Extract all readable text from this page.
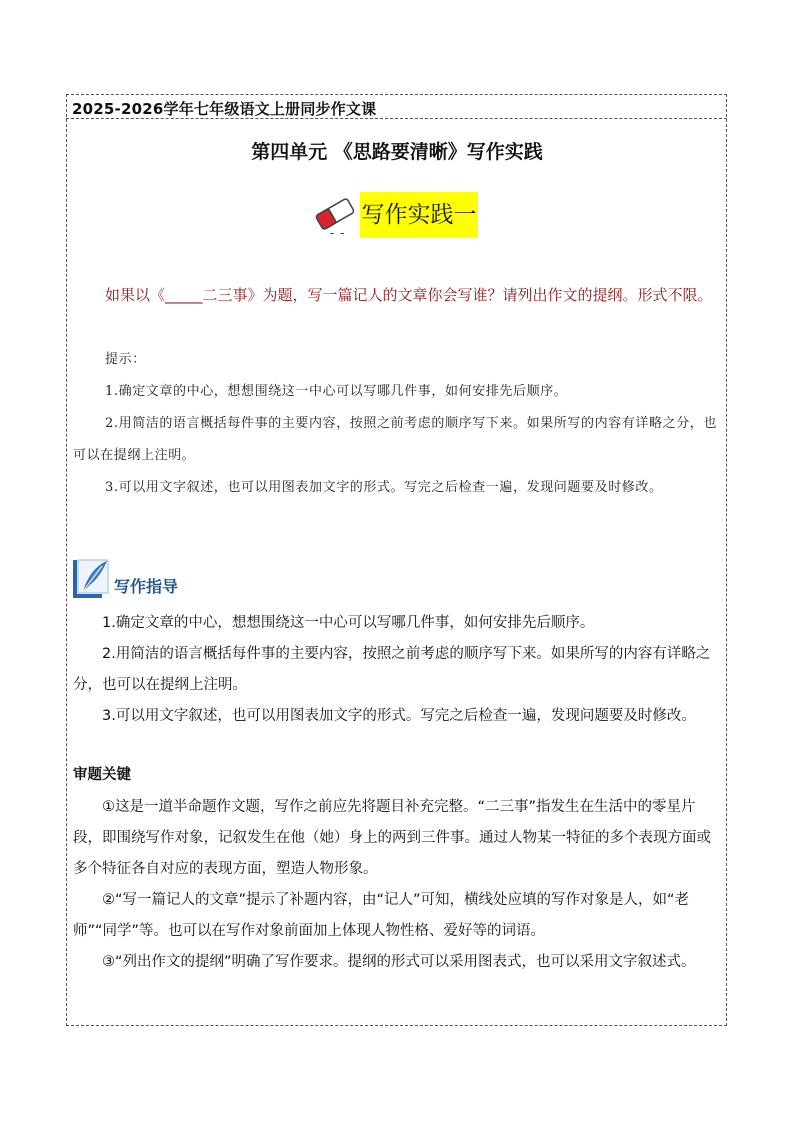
2025-2026学年七年级语文上册同步作文课
第四单元 《思路要清晰》写作实践
- -
写作实践一

如果以《_____二三事》为题，写一篇记人的文章你会写谁？请列出作文的提纲。形式不限。

提示：

1.确定文章的中心，想想围绕这一中心可以写哪几件事，如何安排先后顺序。

2.用简洁的语言概括每件事的主要内容，按照之前考虑的顺序写下来。如果所写的内容有详略之分，也可以在提纲上注明。

3.可以用文字叙述，也可以用图表加文字的形式。写完之后检查一遍，发现问题要及时修改。

写作指导

1.确定文章的中心，想想围绕这一中心可以写哪几件事，如何安排先后顺序。

2.用简洁的语言概括每件事的主要内容，按照之前考虑的顺序写下来。如果所写的内容有详略之分，也可以在提纲上注明。

3.可以用文字叙述，也可以用图表加文字的形式。写完之后检查一遍，发现问题要及时修改。

审题关键

①这是一道半命题作文题，写作之前应先将题目补充完整。“二三事”指发生在生活中的零星片段，即围绕写作对象，记叙发生在他（她）身上的两到三件事。通过人物某一特征的多个表现方面或多个特征各自对应的表现方面，塑造人物形象。

②“写一篇记人的文章”提示了补题内容，由“记人”可知，横线处应填的写作对象是人，如“老师”“同学”等。也可以在写作对象前面加上体现人物性格、爱好等的词语。

③“列出作文的提纲”明确了写作要求。提纲的形式可以采用图表式，也可以采用文字叙述式。
